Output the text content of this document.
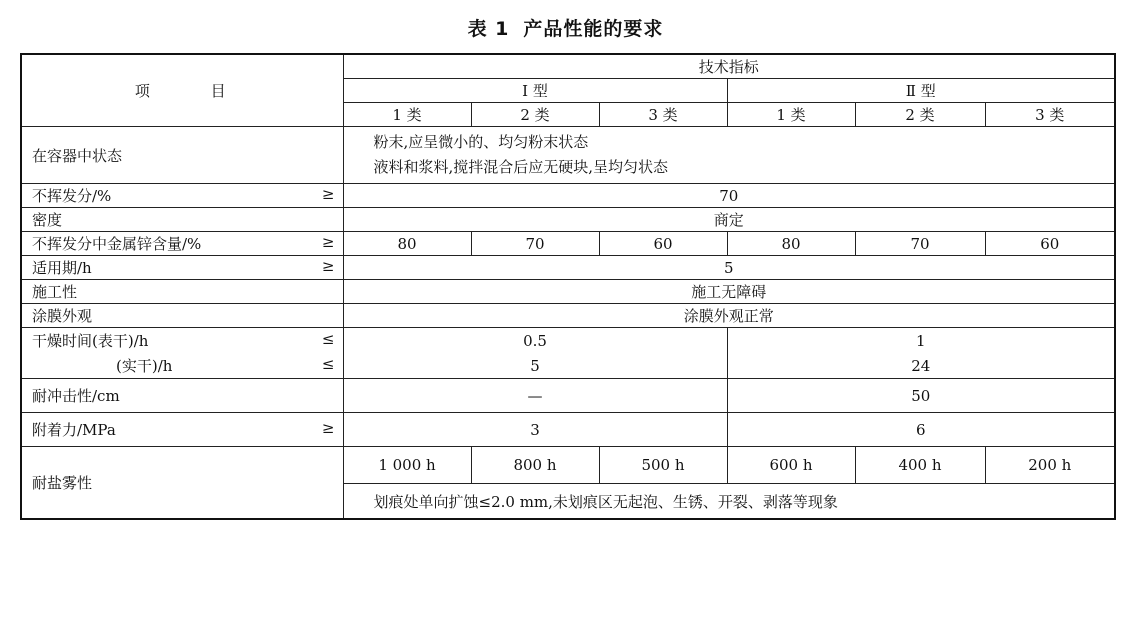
表 1 产品性能的要求
项 目	技术指标					
	Ⅰ 型			Ⅱ 型		
	1 类	2 类	3 类	1 类	2 类	3 类

在容器中状态	粉末,应呈微小的、均匀粉末状态
液料和浆料,搅拌混合后应无硬块,呈均匀状态					

不挥发分/% ≥	70					

密度	商定					

不挥发分中金属锌含量/% ≥	80	70	60	80	70	60

适用期/h ≥	5					

施工性	施工无障碍					

涂膜外观	涂膜外观正常					

干燥时间(表干)/h ≤	0.5			1		

(实干)/h ≤	5			24		

耐冲击性/cm	—			50		

附着力/MPa ≥	3			6		

耐盐雾性	1 000 h	800 h	500 h	600 h	400 h	200 h
	划痕处单向扩蚀≤2.0 mm,未划痕区无起泡、生锈、开裂、剥落等现象					
